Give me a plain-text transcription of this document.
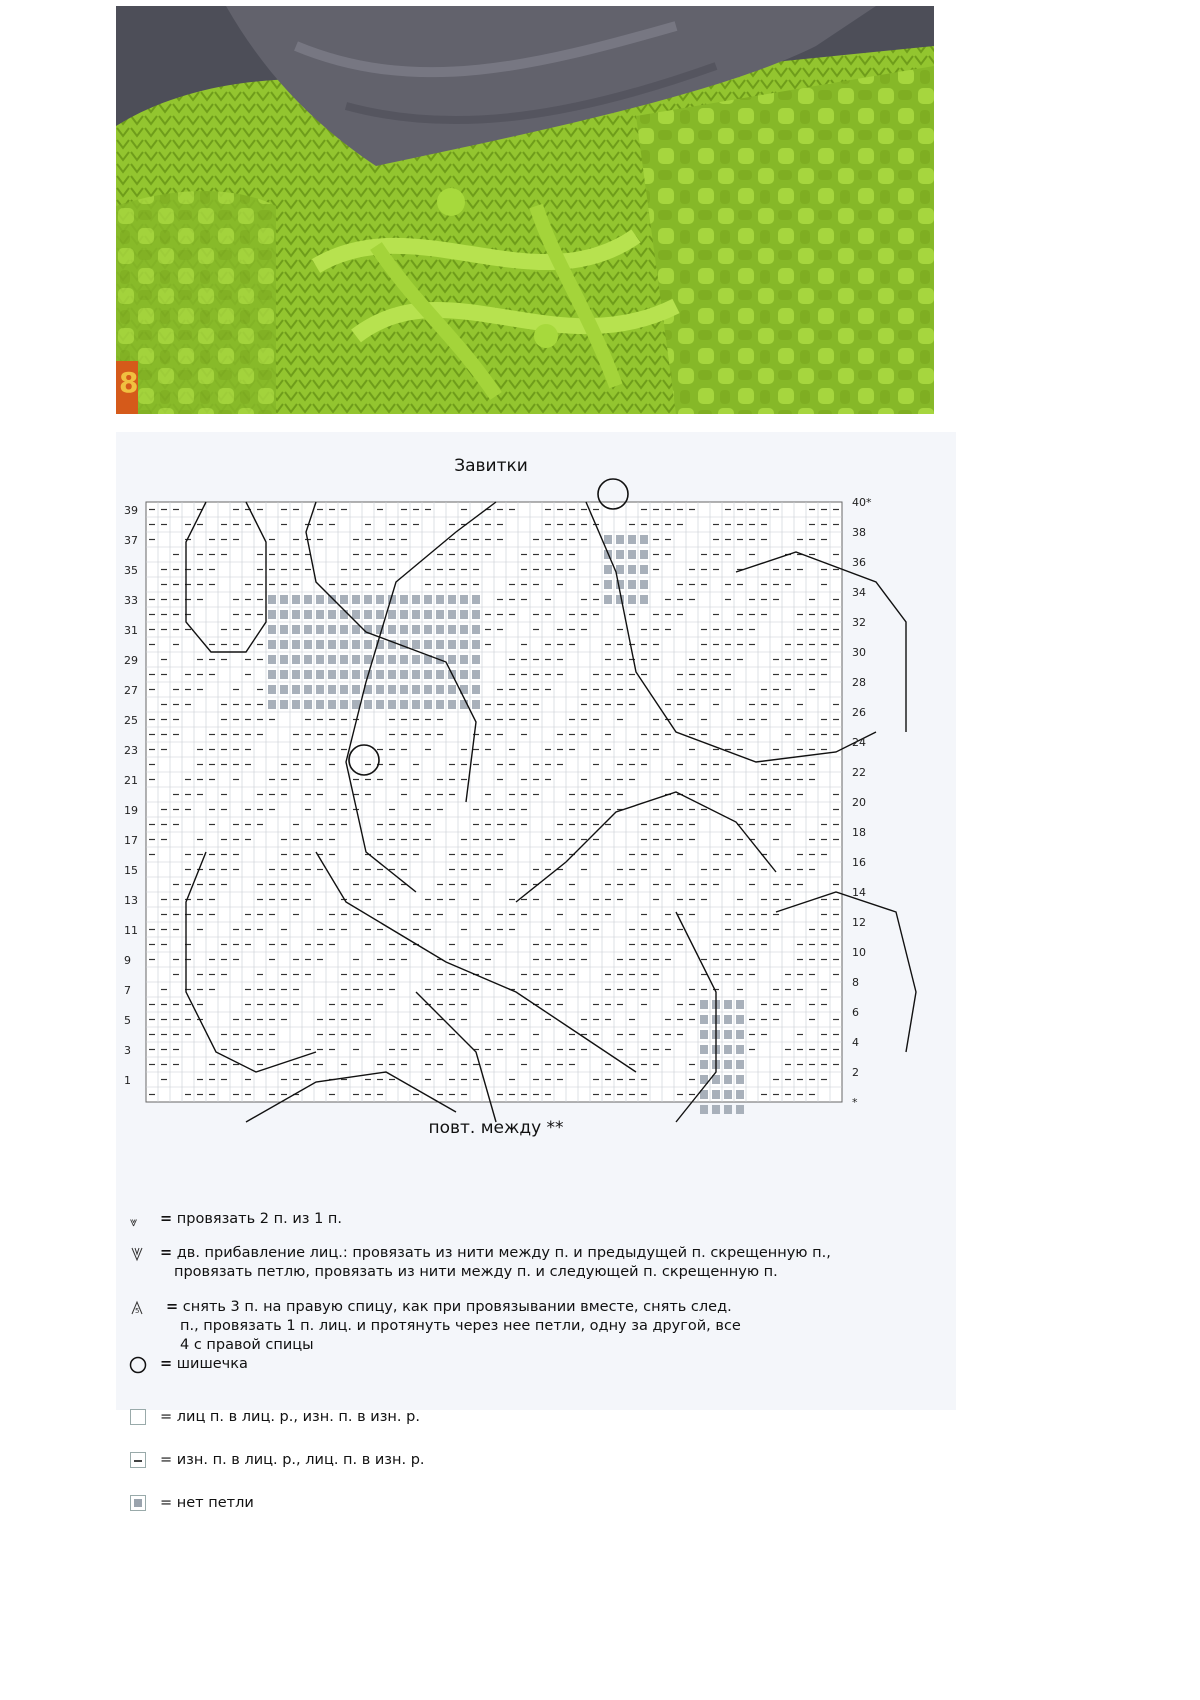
8
Завитки
39
37
35
33
31
29
27
25
23
21
19
17
15
13
11
9
7
5
3
1
40*
38
36
34
32
30
28
26
24
22
20
18
16
14
12
10
8
6
4
2
*
повт. между **
⩔ = провязать 2 п. из 1 п.
= дв. прибавление лиц.: провязать из нити между п. и предыдущей п. скрещенную п.,
провязать петлю, провязать из нити между п. и следующей п. скрещенную п.
5 = снять 3 п. на правую спицу, как при провязывании вместе, снять след.
п., провязать 1 п. лиц. и протянуть через нее петли, одну за другой, все
4 с правой спицы
= шишечка
= лиц п. в лиц. р., изн. п. в изн. р.
= изн. п. в лиц. р., лиц. п. в изн. р.
= нет петли
